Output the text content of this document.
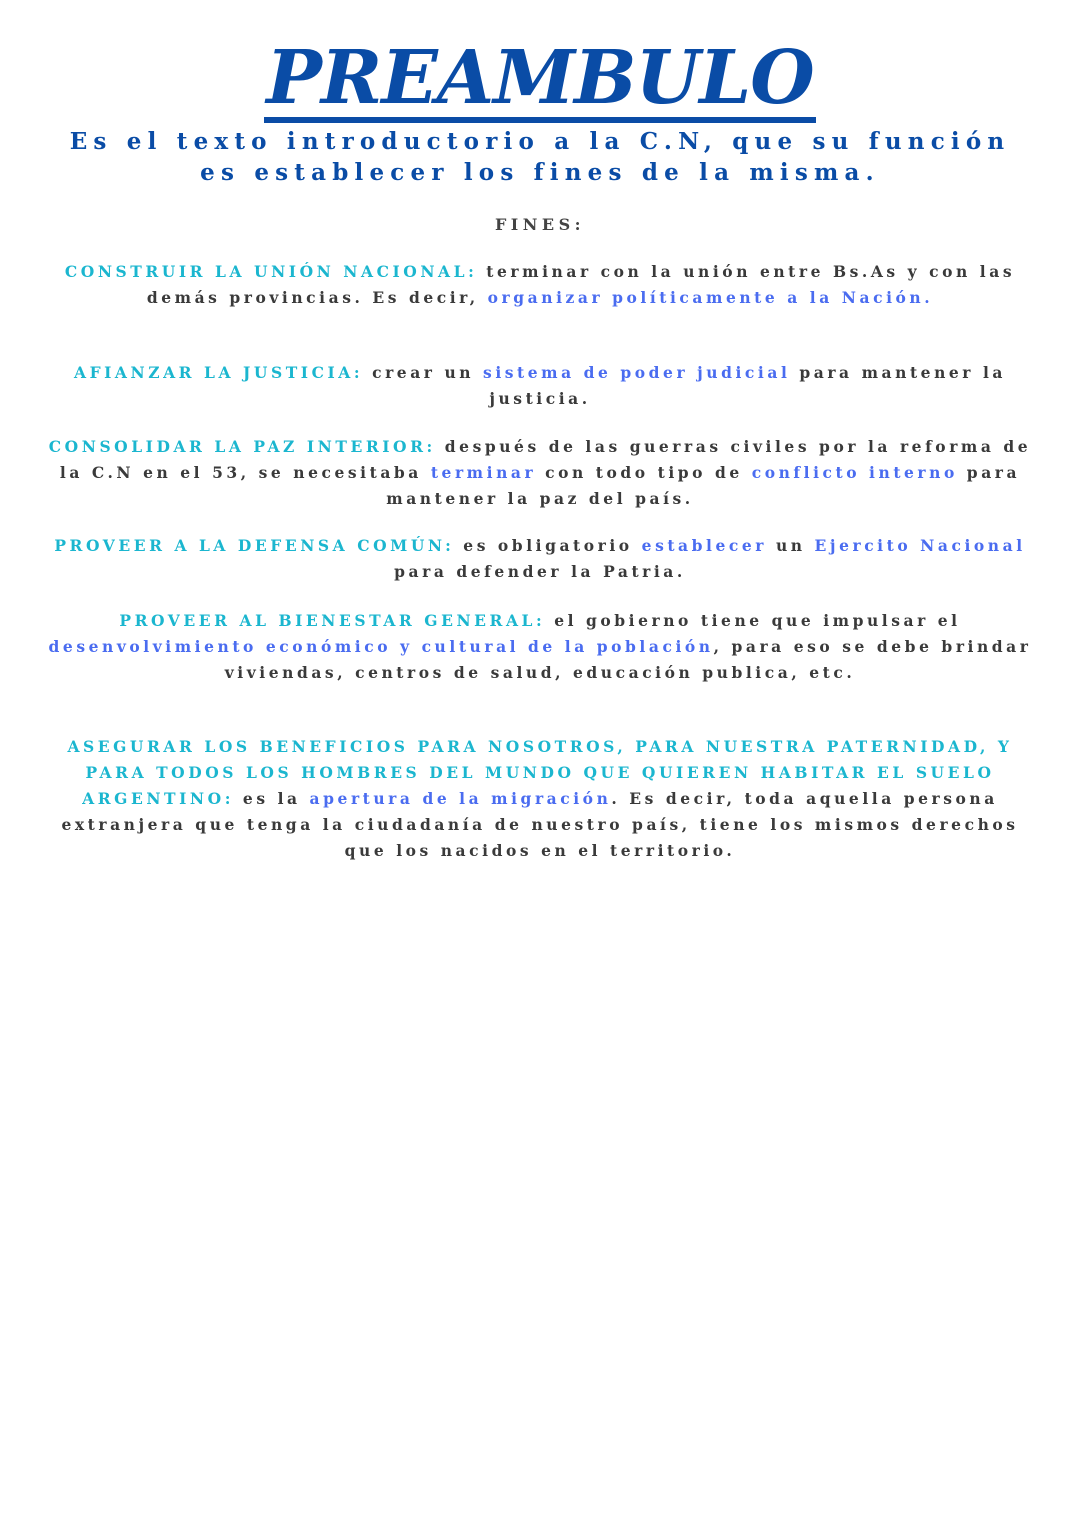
PREAMBULO
Es el texto introductorio a la C.N, que su función es establecer los fines de la misma.
FINES:
CONSTRUIR LA UNIÓN NACIONAL: terminar con la unión entre Bs.As y con las demás provincias. Es decir, organizar políticamente a la Nación.
AFIANZAR LA JUSTICIA: crear un sistema de poder judicial para mantener la justicia.
CONSOLIDAR LA PAZ INTERIOR: después de las guerras civiles por la reforma de la C.N en el 53, se necesitaba terminar con todo tipo de conflicto interno para mantener la paz del país.
PROVEER A LA DEFENSA COMÚN: es obligatorio establecer un Ejercito Nacional para defender la Patria.
PROVEER AL BIENESTAR GENERAL: el gobierno tiene que impulsar el desenvolvimiento económico y cultural de la población, para eso se debe brindar viviendas, centros de salud, educación publica, etc.
ASEGURAR LOS BENEFICIOS PARA NOSOTROS, PARA NUESTRA PATERNIDAD, Y PARA TODOS LOS HOMBRES DEL MUNDO QUE QUIEREN HABITAR EL SUELO ARGENTINO: es la apertura de la migración. Es decir, toda aquella persona extranjera que tenga la ciudadanía de nuestro país, tiene los mismos derechos que los nacidos en el territorio.
